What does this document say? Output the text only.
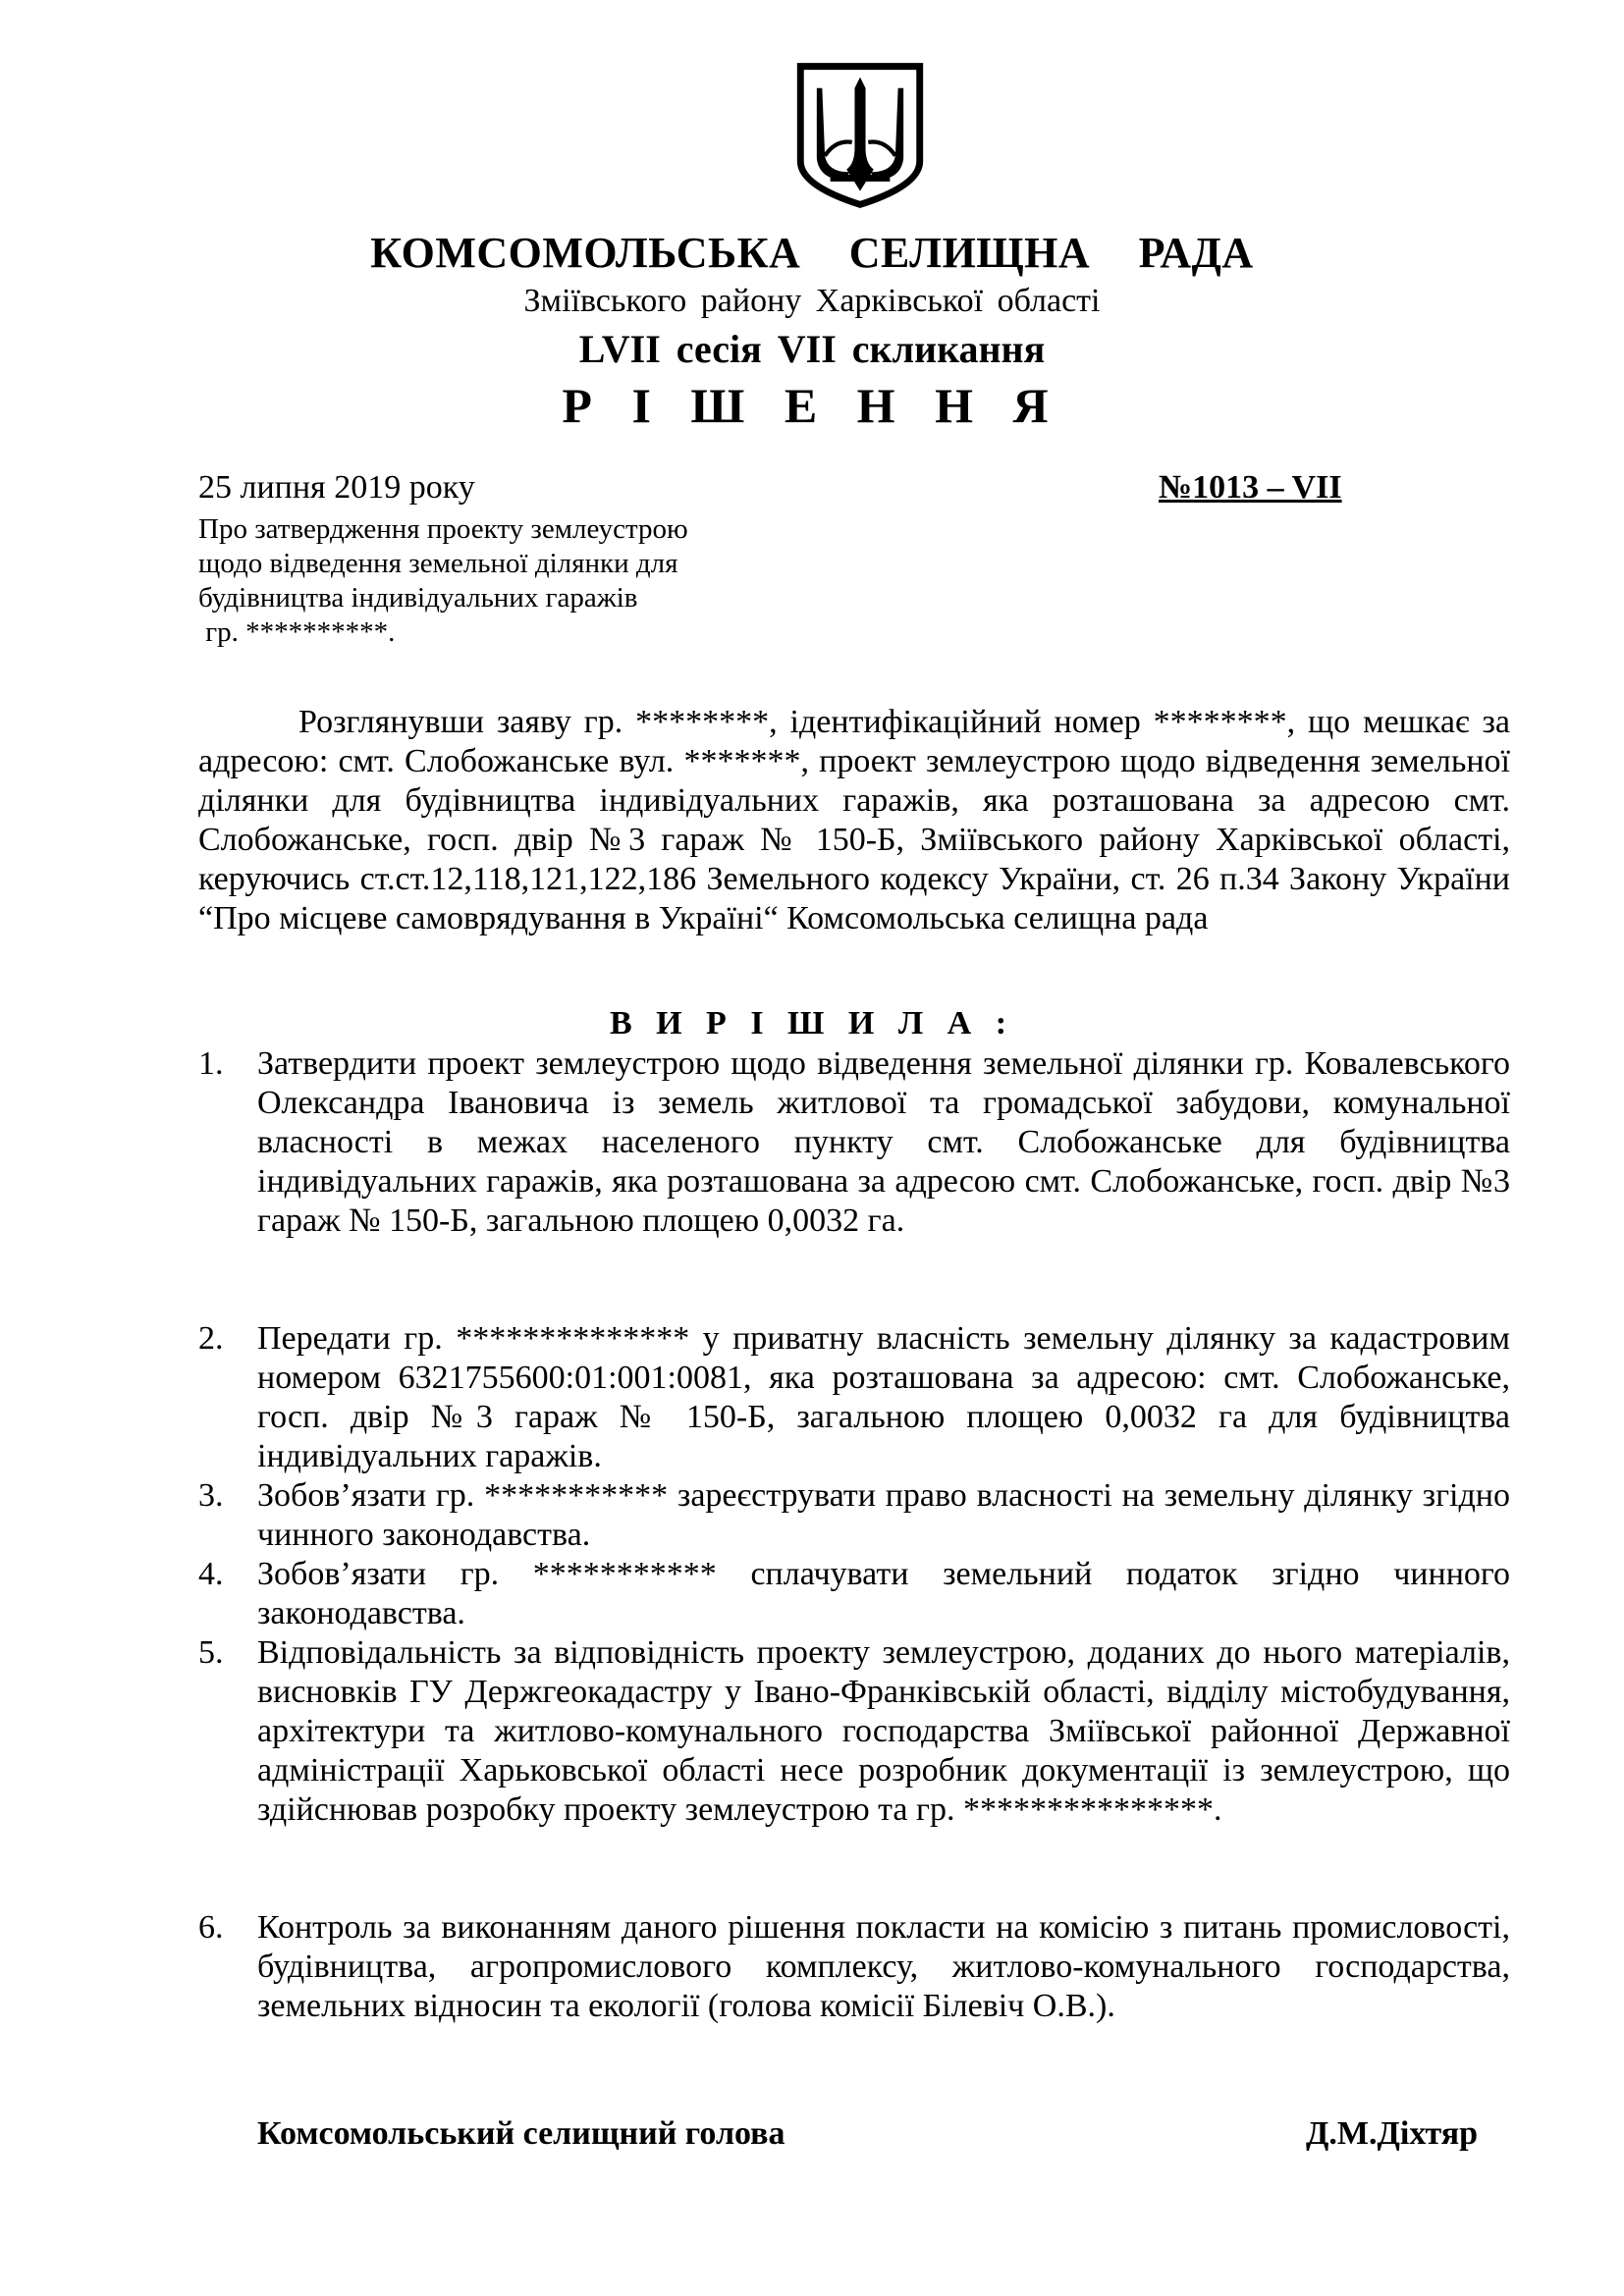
КОМСОМОЛЬСЬКА СЕЛИЩНА РАДА
Зміївського району Харківської області
LVII сесія VII скликання
Р І Ш Е Н Н Я
25 липня 2019 року	№1013 – VII
Про затвердження проекту землеустрою
щодо відведення земельної ділянки для
будівництва індивідуальних гаражів
гр. **********.
Розглянувши заяву гр. ********, ідентифікаційний номер ********, що мешкає за адресою: смт. Слобожанське вул. *******, проект землеустрою щодо відведення земельної ділянки для будівництва індивідуальних гаражів, яка розташована за адресою смт. Слобожанське, госп. двір №3 гараж № 150-Б, Зміївського району Харківської області, керуючись ст.ст.12,118,121,122,186 Земельного кодексу України, ст. 26 п.34 Закону України “Про місцеве самоврядування в Україні“ Комсомольська селищна рада
В И Р І Ш И Л А :
1. Затвердити проект землеустрою щодо відведення земельної ділянки гр. Ковалевського Олександра Івановича із земель житлової та громадської забудови, комунальної власності в межах населеного пункту смт. Слобожанське для будівництва індивідуальних гаражів, яка розташована за адресою смт. Слобожанське, госп. двір №3 гараж № 150-Б, загальною площею 0,0032 га.
2. Передати гр. ************** у приватну власність земельну ділянку за кадастровим номером 6321755600:01:001:0081, яка розташована за адресою: смт. Слобожанське, госп. двір №3 гараж № 150-Б, загальною площею 0,0032 га для будівництва індивідуальних гаражів.
3. Зобов’язати гр. *********** зареєструвати право власності на земельну ділянку згідно чинного законодавства.
4. Зобов’язати гр. *********** сплачувати земельний податок згідно чинного законодавства.
5. Відповідальність за відповідність проекту землеустрою, доданих до нього матеріалів, висновків ГУ Держгеокадастру у Івано-Франківській області, відділу містобудування, архітектури та житлово-комунального господарства Зміївської районної Державної адміністрації Харьковської області несе розробник документації із землеустрою, що здійснював розробку проекту землеустрою та гр. ***************.
6. Контроль за виконанням даного рішення покласти на комісію з питань промисловості, будівництва, агропромислового комплексу, житлово-комунального господарства, земельних відносин та екології (голова комісії Білевіч О.В.).
Комсомольський селищний голова	Д.М.Діхтяр
